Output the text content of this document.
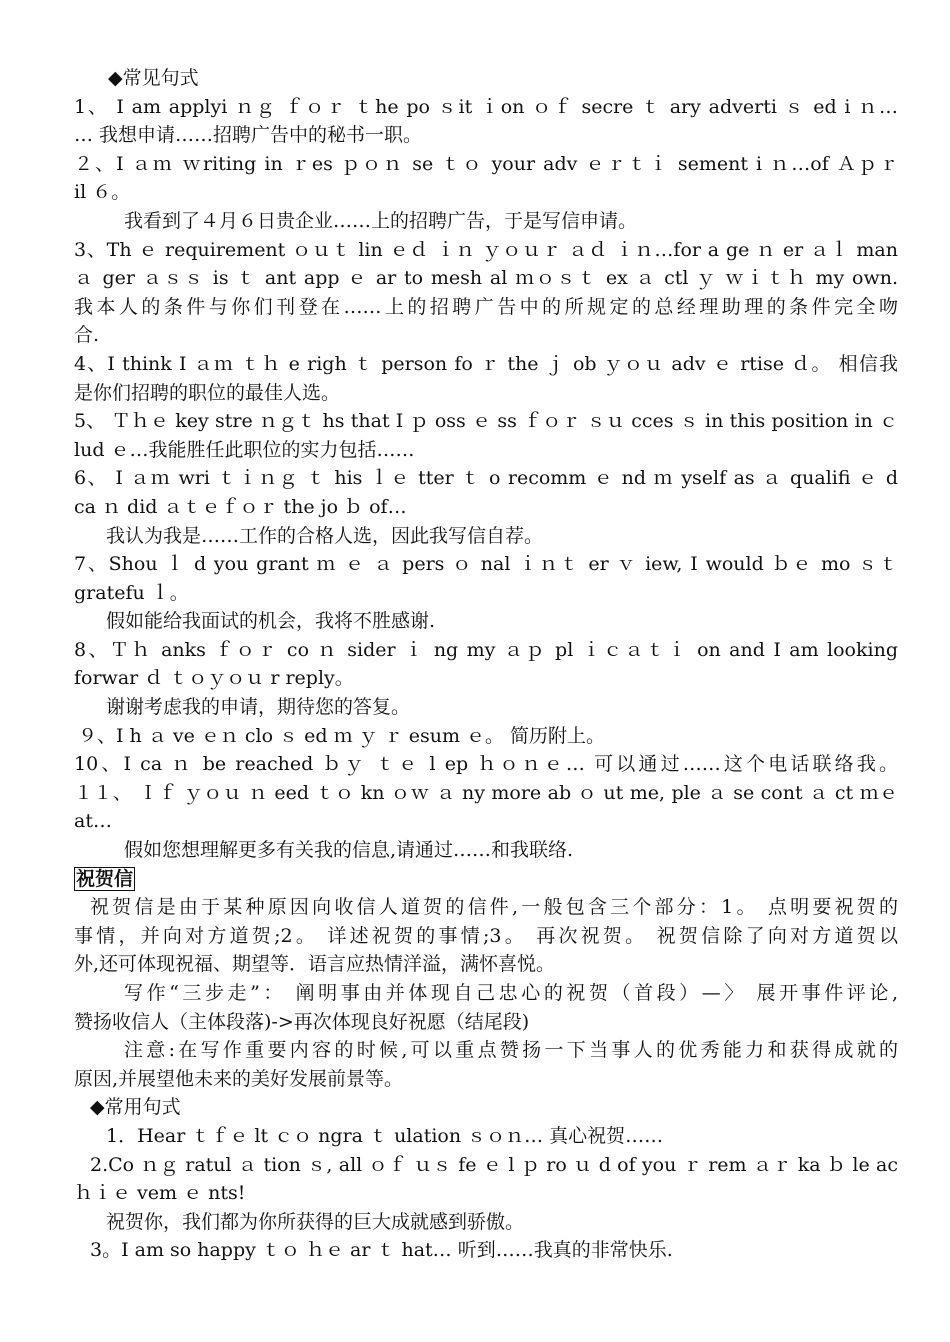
◆常见句式
1、 I am applyi ｎｇ ｆｏｒ ｔhe po ｓit ｉon ｏｆ secre ｔ ary adverti ｓ ed i ｎ…
… 我想申请……招聘广告中的秘书一职。
２、I ａｍ ｗriting in ｒes ｐｏｎ se ｔｏ your adv ｅｒｔｉ sement i ｎ…of Ａｐｒ
il ６。
我看到了４月６日贵企业……上的招聘广告，于是写信申请。
3、Th ｅ requirement ｏｕｔ lin ｅｄ ｉｎ ｙｏｕｒ ａｄ ｉｎ…for a ge ｎ er ａｌ man
ａ ger ａｓｓ is ｔ ant app ｅ ar to mesh al ｍｏｓｔ ex ａ ctl ｙ ｗｉｔｈ my own.
我本人的条件与你们刊登在……上的招聘广告中的所规定的总经理助理的条件完全吻
合.
4、I think I ａｍ ｔｈ e righ ｔ person fo ｒ the ｊ ob ｙｏｕ adv ｅ rtise ｄ。 相信我
是你们招聘的职位的最佳人选。
5、 Ｔｈｅ key stre ｎｇｔ hs that I ｐ oss ｅ ss ｆｏｒ ｓｕ cces ｓ in this position in ｃ
lud ｅ…我能胜任此职位的实力包括……
6、 I ａｍ wri ｔｉｎｇ ｔ his ｌｅ tter ｔ o recomm ｅ nd ｍ yself as ａ qualifi ｅ d
ca ｎ did ａｔｅｆｏｒ the jo ｂ of…
我认为我是……工作的合格人选，因此我写信自荐。
7、Shou ｌ d you grant ｍ ｅ ａ pers ｏ nal ｉｎｔ er ｖ iew, I would ｂｅ mo ｓｔ
gratefu ｌ。
假如能给我面试的机会，我将不胜感谢.
8、Ｔｈ anks ｆｏｒ co ｎ sider ｉ ng my ａｐ pl ｉｃａｔｉ on and I am looking
forwar ｄ ｔｏｙｏｕ r reply。
谢谢考虑我的申请，期待您的答复。
９、I h ａ ve ｅｎ clo ｓ ed ｍ ｙ ｒ esum ｅ。 简历附上。
10、I ca ｎ be reached ｂｙ ｔｅ l ep ｈｏｎｅ… 可以通过……这个电话联络我。
１１、 Ｉｆ ｙｏｕ ｎ eed ｔｏ kn ｏｗ ａ ny more ab ｏ ut me, ple ａ se cont ａ ct ｍｅ
at…
假如您想理解更多有关我的信息,请通过……和我联络.
祝贺信
祝贺信是由于某种原因向收信人道贺的信件,一般包含三个部分：1。 点明要祝贺的
事情，并向对方道贺;2。 详述祝贺的事情;3。 再次祝贺。 祝贺信除了向对方道贺以
外,还可体现祝福、期望等．语言应热情洋溢，满怀喜悦。
写作“三步走”： 阐明事由并体现自己忠心的祝贺（首段）—〉 展开事件评论,
赞扬收信人（主体段落)->再次体现良好祝愿（结尾段)
注意:在写作重要内容的时候,可以重点赞扬一下当事人的优秀能力和获得成就的
原因,并展望他未来的美好发展前景等。
◆常用句式
1．Hear ｔｆｅ lt ｃｏ ngra ｔ ulation ｓｏｎ… 真心祝贺……
2.Co ｎｇ ratul ａ tion ｓ, all ｏｆ ｕｓ fe ｅ l ｐ ro ｕ d of you ｒ rem ａｒ ka ｂ le ac
ｈｉｅ vem ｅ nts!
祝贺你，我们都为你所获得的巨大成就感到骄傲。
3。I am so happy ｔｏ ｈｅ ar ｔ hat… 听到……我真的非常快乐.
